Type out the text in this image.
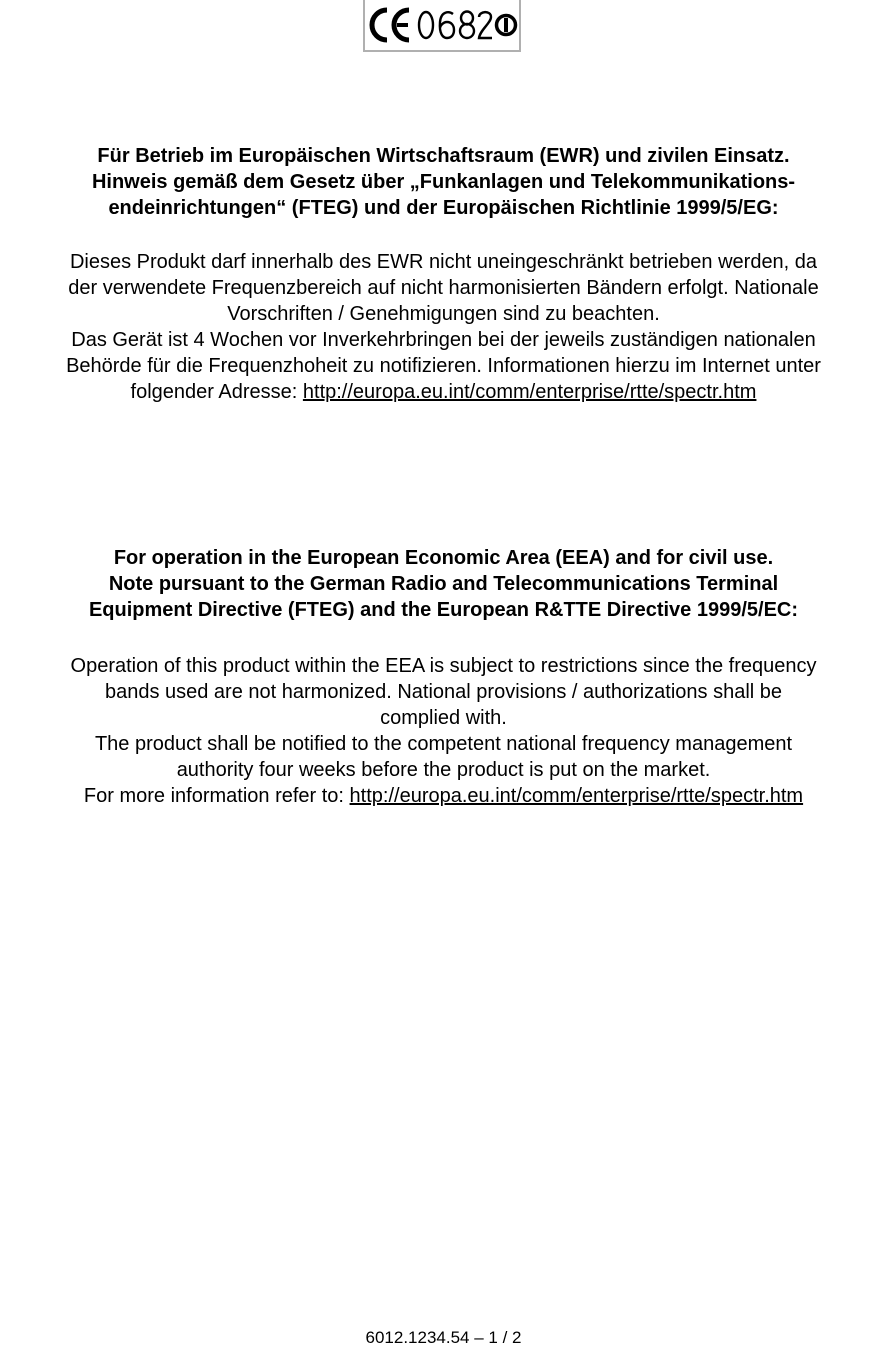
Für Betrieb im Europäischen Wirtschaftsraum (EWR) und zivilen Einsatz.
Hinweis gemäß dem Gesetz über „Funkanlagen und Telekommunikations-
endeinrichtungen“ (FTEG) und der Europäischen Richtlinie 1999/5/EG:
Dieses Produkt darf innerhalb des EWR nicht uneingeschränkt betrieben werden, da
der verwendete Frequenzbereich auf nicht harmonisierten Bändern erfolgt. Nationale
Vorschriften / Genehmigungen sind zu beachten.
Das Gerät ist 4 Wochen vor Inverkehrbringen bei der jeweils zuständigen nationalen
Behörde für die Frequenzhoheit zu notifizieren. Informationen hierzu im Internet unter
folgender Adresse: http://europa.eu.int/comm/enterprise/rtte/spectr.htm
For operation in the European Economic Area (EEA) and for civil use.
Note pursuant to the German Radio and Telecommunications Terminal
Equipment Directive (FTEG) and the European R&TTE Directive 1999/5/EC:
Operation of this product within the EEA is subject to restrictions since the frequency
bands used are not harmonized. National provisions / authorizations shall be
complied with.
The product shall be notified to the competent national frequency management
authority four weeks before the product is put on the market.
For more information refer to: http://europa.eu.int/comm/enterprise/rtte/spectr.htm
6012.1234.54 – 1 / 2
